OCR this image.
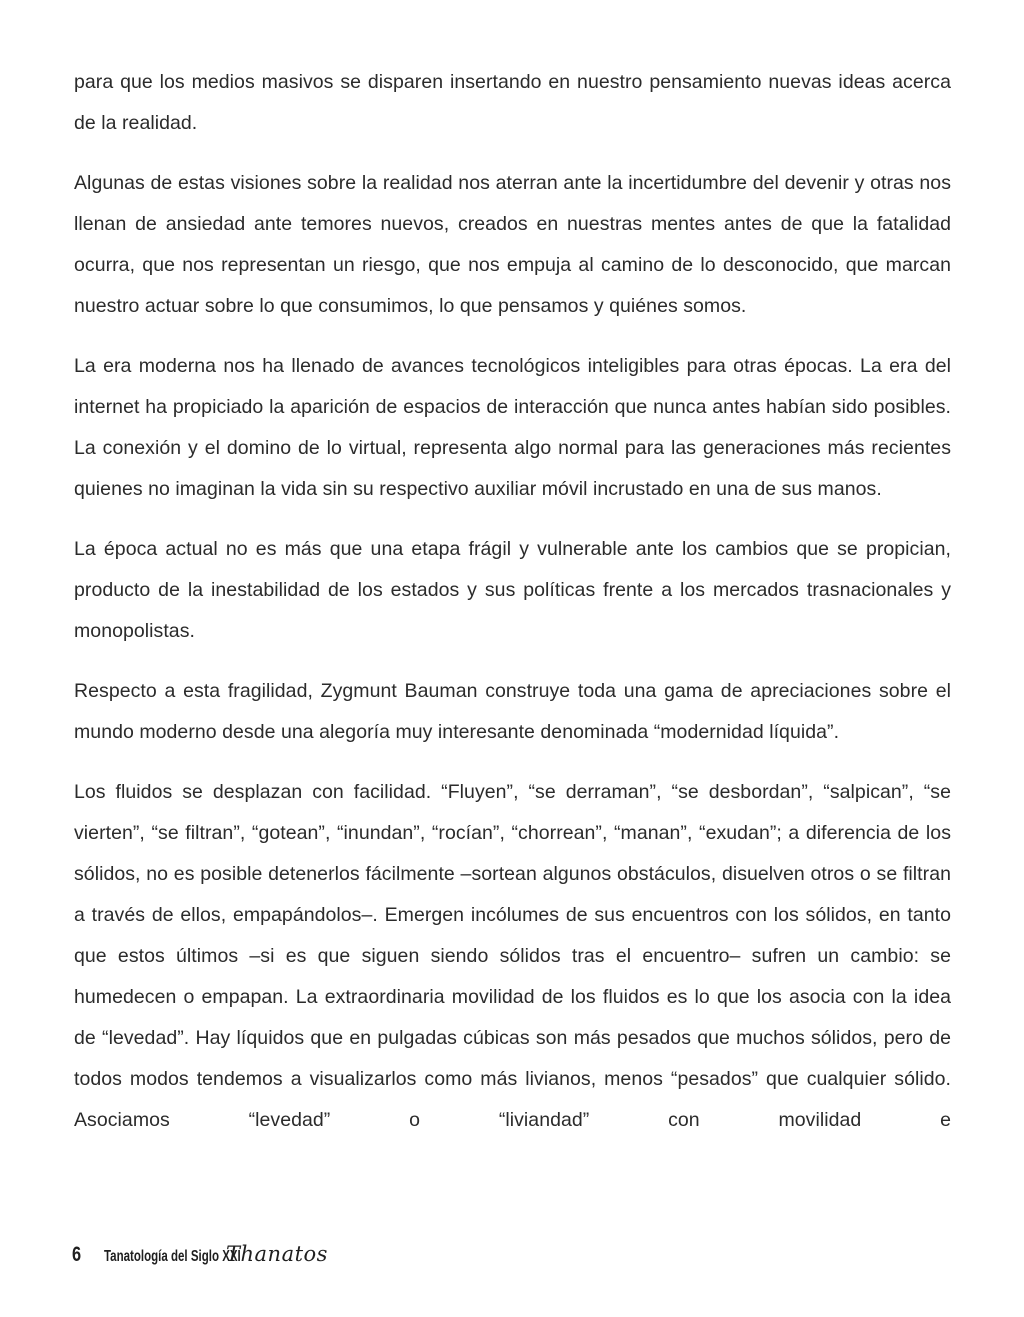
para que los medios masivos se disparen insertando en nuestro pensamiento nuevas ideas acerca de la realidad.

Algunas de estas visiones sobre la realidad nos aterran ante la incertidumbre del devenir y otras nos llenan de ansiedad ante temores nuevos, creados en nuestras mentes antes de que la fatalidad ocurra, que nos representan un riesgo, que nos empuja al camino de lo desconocido, que marcan nuestro actuar sobre lo que consumimos, lo que pensamos y quiénes somos.

La era moderna nos ha llenado de avances tecnológicos inteligibles para otras épocas. La era del internet ha propiciado la aparición de espacios de interacción que nunca antes habían sido posibles. La conexión y el domino de lo virtual, representa algo normal para las generaciones más recientes quienes no imaginan la vida sin su respectivo auxiliar móvil incrustado en una de sus manos.

La época actual no es más que una etapa frágil y vulnerable ante los cambios que se propician, producto de la inestabilidad de los estados y sus políticas frente a los mercados trasnacionales y monopolistas.

Respecto a esta fragilidad, Zygmunt Bauman construye toda una gama de apreciaciones sobre el mundo moderno desde una alegoría muy interesante denominada “modernidad líquida”.

Los fluidos se desplazan con facilidad. “Fluyen”, “se derraman”, “se desbordan”, “salpican”, “se vierten”, “se filtran”, “gotean”, “inundan”, “rocían”, “chorrean”, “manan”, “exudan”; a diferencia de los sólidos, no es posible detenerlos fácilmente –sortean algunos obstáculos, disuelven otros o se filtran a través de ellos, empapándolos–. Emergen incólumes de sus encuentros con los sólidos, en tanto que estos últimos –si es que siguen siendo sólidos tras el encuentro– sufren un cambio: se humedecen o empapan. La extraordinaria movilidad de los fluidos es lo que los asocia con la idea de “levedad”. Hay líquidos que en pulgadas cúbicas son más pesados que muchos sólidos, pero de todos modos tendemos a visualizarlos como más livianos, menos “pesados” que cualquier sólido. Asociamos “levedad” o “liviandad” con movilidad e

6	Tanatología del Siglo XXI
Thanatos
